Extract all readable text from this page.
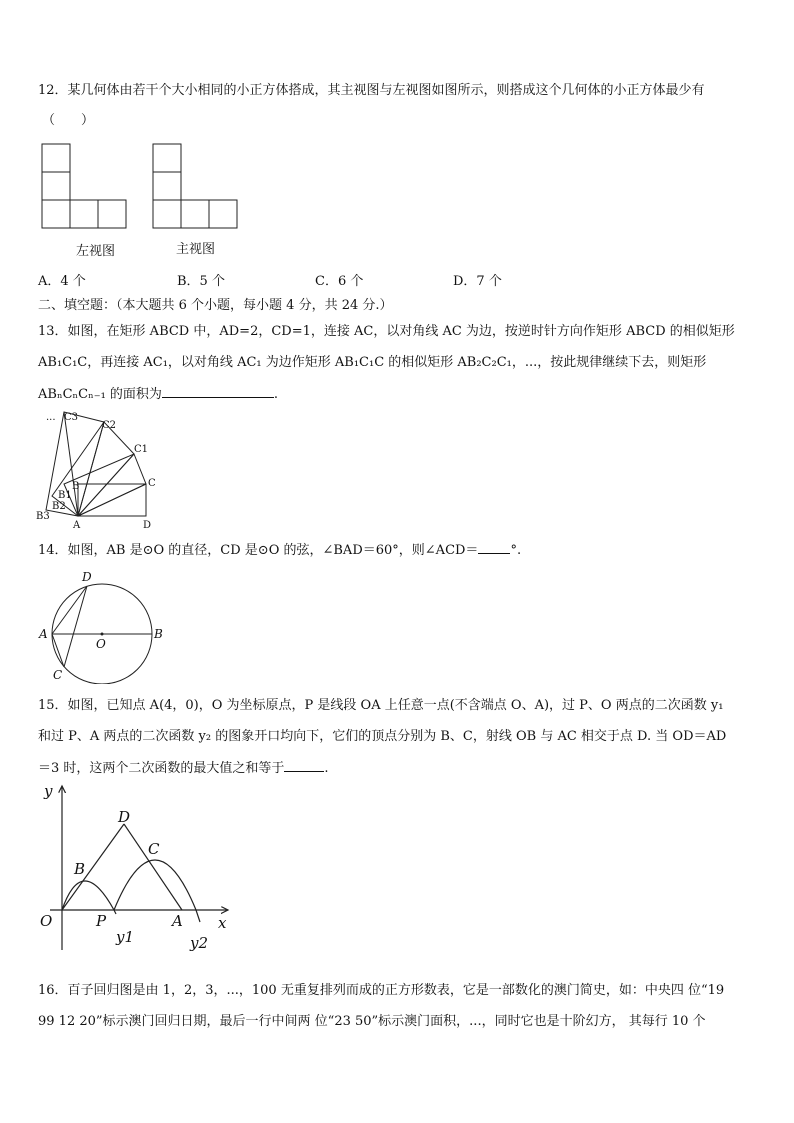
12．某几何体由若干个大小相同的小正方体搭成，其主视图与左视图如图所示，则搭成这个几何体的小正方体最少有
（　　）
左视图	主视图
A．4 个	B．5 个	C．6 个	D．7 个
二、填空题：（本大题共 6 个小题，每小题 4 分，共 24 分.）
13．如图，在矩形 ABCD 中，AD=2，CD=1，连接 AC，以对角线 AC 为边，按逆时针方向作矩形 ABCD 的相似矩形
AB₁C₁C，再连接 AC₁，以对角线 AC₁ 为边作矩形 AB₁C₁C 的相似矩形 AB₂C₂C₁，...，按此规律继续下去，则矩形
ABₙCₙCₙ₋₁ 的面积为	.
... C3
C2
C1
C
B
B1
B2
B3
A	D
14．如图，AB 是⊙O 的直径，CD 是⊙O 的弦，∠BAD＝60°，则∠ACD＝ °.
D
A	B
O
C
15．如图，已知点 A(4，0)，O 为坐标原点，P 是线段 OA 上任意一点(不含端点 O、A)，过 P、O 两点的二次函数 y₁
和过 P、A 两点的二次函数 y₂ 的图象开口均向下，它们的顶点分别为 B、C，射线 OB 与 AC 相交于点 D. 当 OD＝AD
＝3 时，这两个二次函数的最大值之和等于	.
y
x
O	P	A
B
C
D
y1	y2
16．百子回归图是由 1，2，3，...，100 无重复排列而成的正方形数表，它是一部数化的澳门简史，如：中央四 位“19
99 12 20”标示澳门回归日期，最后一行中间两 位“23 50”标示澳门面积，...，同时它也是十阶幻方， 其每行 10 个
